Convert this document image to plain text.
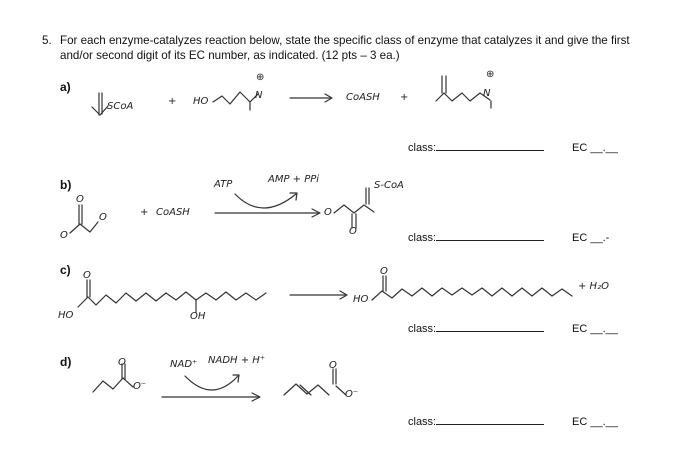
5. For each enzyme-catalyzes reaction below, state the specific class of enzyme that catalyzes it and give the first
and/or second digit of its EC number, as indicated. (12 pts – 3 ea.)
a)
b)
c)
d)
SCoA	+ HO
N
⊕
CoASH +	N
⊕
O
O
O	+ CoASH
ATP	AMP + PPi
S-CoA
O
O
HO
O
OH
HO
O
+ H₂O
O
O⁻
NAD⁺ NADH + H⁺	O
O⁻
class:	EC __.__
class:	EC __.-
class:	EC __.__
class:	EC __.__
